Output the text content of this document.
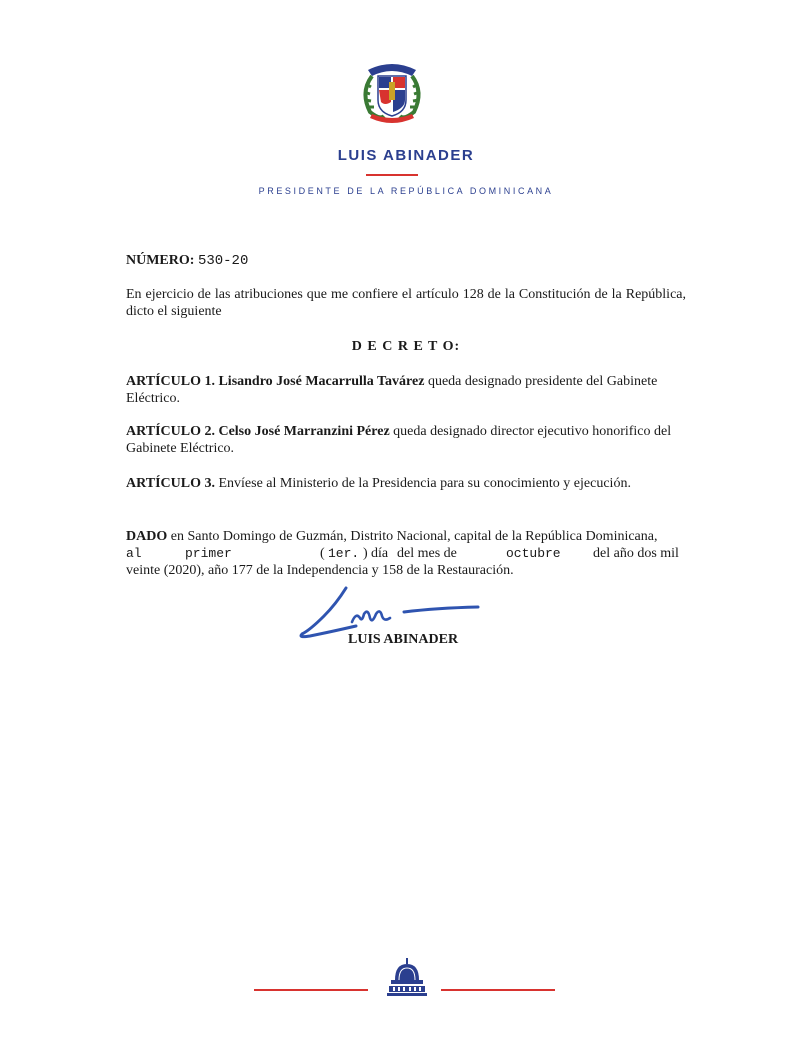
LUIS ABINADER
PRESIDENTE DE LA REPÚBLICA DOMINICANA
NÚMERO: 530-20
En ejercicio de las atribuciones que me confiere el artículo 128 de la Constitución de la República, dicto el siguiente
D E C R E T O:
ARTÍCULO 1. Lisandro José Macarrulla Tavárez queda designado presidente del Gabinete Eléctrico.
ARTÍCULO 2. Celso José Marranzini Pérez queda designado director ejecutivo honorifico del Gabinete Eléctrico.
ARTÍCULO 3. Envíese al Ministerio de la Presidencia para su conocimiento y ejecución.
DADO en Santo Domingo de Guzmán, Distrito Nacional, capital de la República Dominicana,
al	primer	( 1er. ) día del mes de	octubre del año dos mil
veinte (2020), año 177 de la Independencia y 158 de la Restauración.
LUIS ABINADER
